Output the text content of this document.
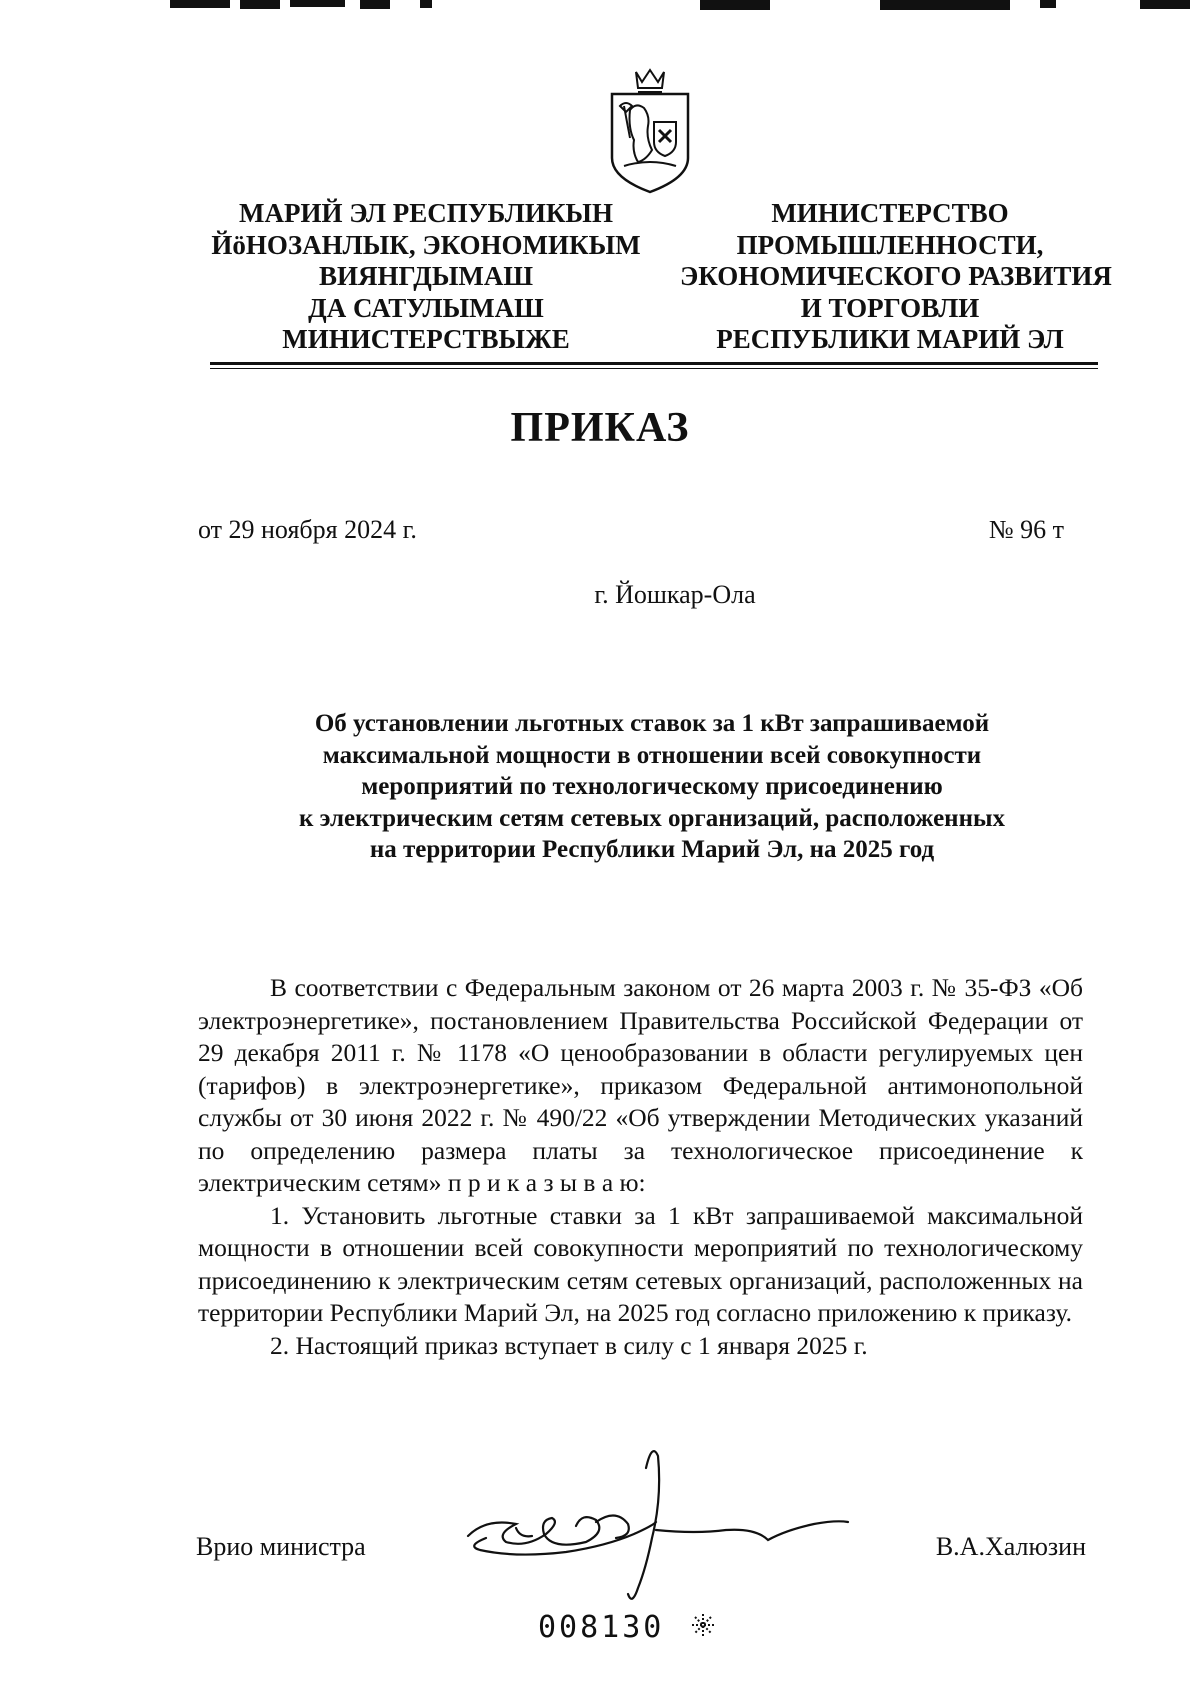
МАРИЙ ЭЛ РЕСПУБЛИКЫН
ЙӧНОЗАНЛЫК, ЭКОНОМИКЫМ
ВИЯНГДЫМАШ
ДА САТУЛЫМАШ
МИНИСТЕРСТВЫЖЕ
МИНИСТЕРСТВО
ПРОМЫШЛЕННОСТИ,
ЭКОНОМИЧЕСКОГО РАЗВИТИЯ
И ТОРГОВЛИ
РЕСПУБЛИКИ МАРИЙ ЭЛ
ПРИКАЗ
от 29 ноября 2024 г.	№ 96 т
г. Йошкар-Ола
Об установлении льготных ставок за 1 кВт запрашиваемой
максимальной мощности в отношении всей совокупности
мероприятий по технологическому присоединению
к электрическим сетям сетевых организаций, расположенных
на территории Республики Марий Эл, на 2025 год

В соответствии с Федеральным законом от 26 марта 2003 г. № 35-ФЗ «Об электроэнергетике», постановлением Правительства Российской Федерации от 29 декабря 2011 г. № 1178 «О ценообразовании в области регулируемых цен (тарифов) в электроэнергетике», приказом Федеральной антимонопольной службы от 30 июня 2022 г. № 490/22 «Об утверждении Методических указаний по определению размера платы за технологическое присоединение к электрическим сетям» п р и к а з ы в а ю:

1. Установить льготные ставки за 1 кВт запрашиваемой максимальной мощности в отношении всей совокупности мероприятий по технологическому присоединению к электрическим сетям сетевых организаций, расположенных на территории Республики Марий Эл, на 2025 год согласно приложению к приказу.

2. Настоящий приказ вступает в силу с 1 января 2025 г.

Врио министра	В.А.Халюзин
008130
